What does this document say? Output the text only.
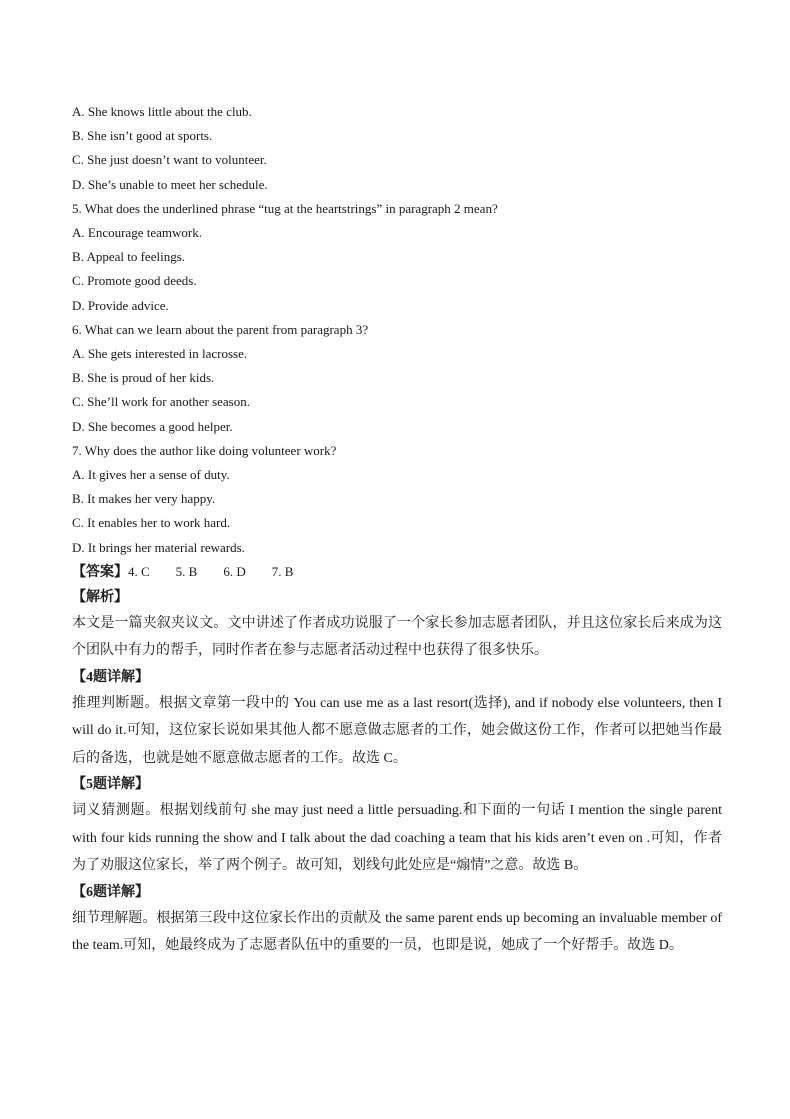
A. She knows little about the club.
B. She isn’t good at sports.
C. She just doesn’t want to volunteer.
D. She’s unable to meet her schedule.
5. What does the underlined phrase “tug at the heartstrings” in paragraph 2 mean?
A. Encourage teamwork.
B. Appeal to feelings.
C. Promote good deeds.
D. Provide advice.
6. What can we learn about the parent from paragraph 3?
A. She gets interested in lacrosse.
B. She is proud of her kids.
C. She’ll work for another season.
D. She becomes a good helper.
7. Why does the author like doing volunteer work?
A. It gives her a sense of duty.
B. It makes her very happy.
C. It enables her to work hard.
D. It brings her material rewards.
【答案】4. C        5. B        6. D        7. B
【解析】
本文是一篇夹叙夹议文。文中讲述了作者成功说服了一个家长参加志愿者团队，并且这位家长后来成为这个团队中有力的帮手，同时作者在参与志愿者活动过程中也获得了很多快乐。
【4题详解】
推理判断题。根据文章第一段中的 You can use me as a last resort(选择), and if nobody else volunteers, then I will do it.可知，这位家长说如果其他人都不愿意做志愿者的工作，她会做这份工作，作者可以把她当作最后的备选，也就是她不愿意做志愿者的工作。故选 C。
【5题详解】
词义猜测题。根据划线前句 she may just need a little persuading.和下面的一句话 I mention the single parent with four kids running the show and I talk about the dad coaching a team that his kids aren’t even on .可知，作者为了劝服这位家长，举了两个例子。故可知，划线句此处应是“煽情”之意。故选 B。
【6题详解】
细节理解题。根据第三段中这位家长作出的贡献及 the same parent ends up becoming an invaluable member of the team.可知，她最终成为了志愿者队伍中的重要的一员，也即是说，她成了一个好帮手。故选 D。
